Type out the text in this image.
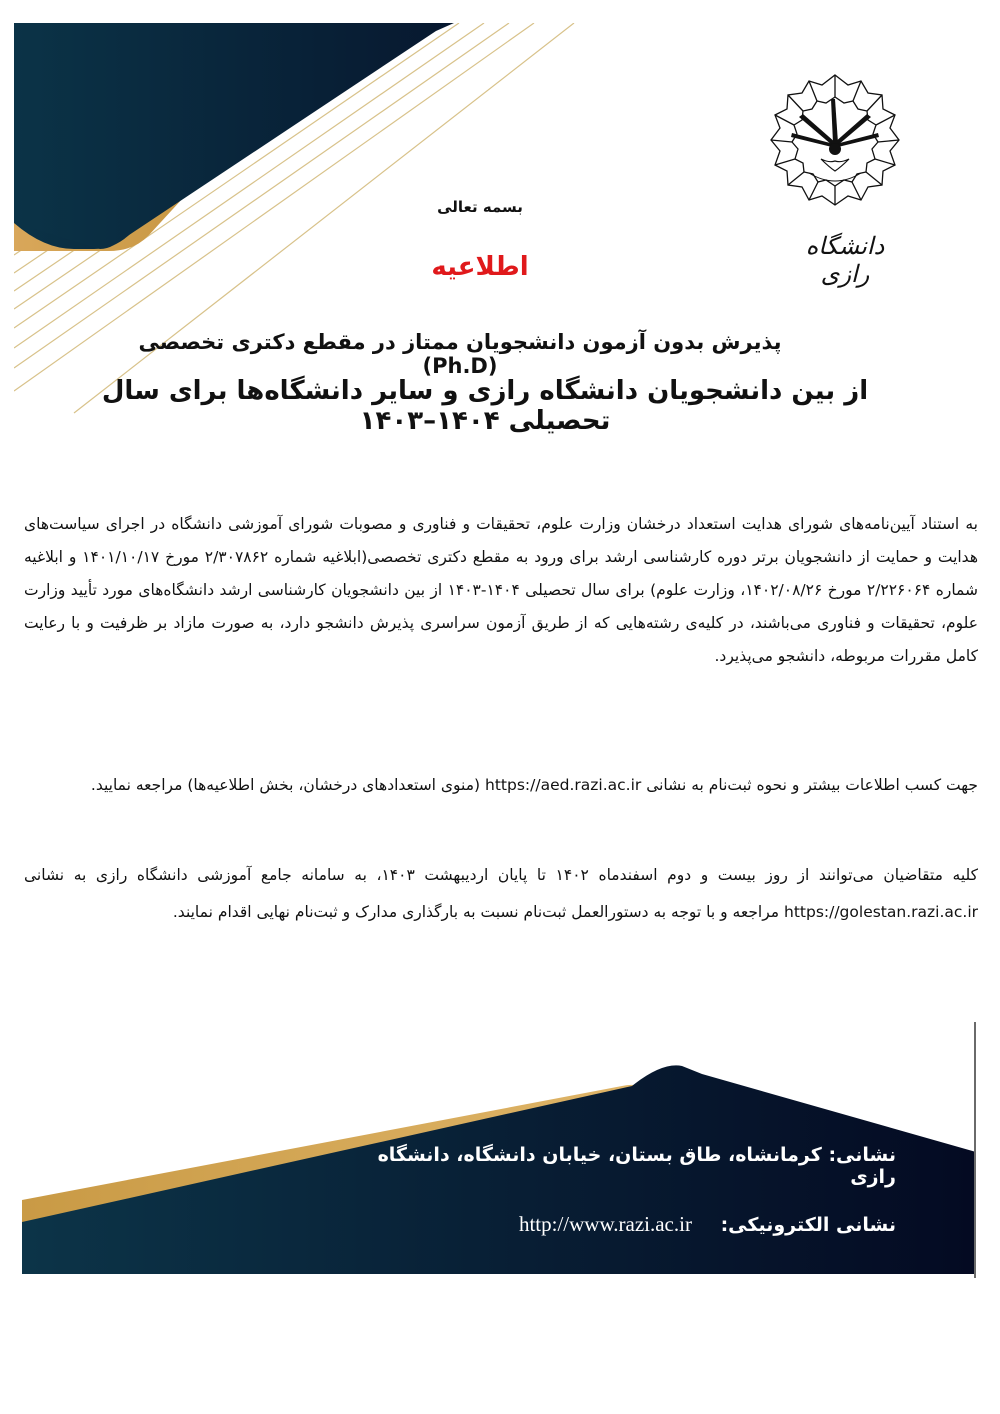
دانشگاه رازی
بسمه تعالی
اطلاعیه
پذیرش بدون آزمون دانشجویان ممتاز در مقطع دکتری تخصصی (Ph.D)
از بین دانشجویان دانشگاه رازی و سایر دانشگاه‌ها برای سال تحصیلی ۱۴۰۴–۱۴۰۳
به استناد آیین‌نامه‌های شورای هدایت استعداد درخشان وزارت علوم، تحقیقات و فناوری و مصوبات شورای آموزشی دانشگاه در اجرای سیاست‌های هدایت و حمایت از دانشجویان برتر دوره کارشناسی ارشد برای ورود به مقطع دکتری تخصصی(ابلاغیه شماره ۲/۳۰۷۸۶۲ مورخ ۱۴۰۱/۱۰/۱۷ و ابلاغیه شماره ۲/۲۲۶۰۶۴ مورخ ۱۴۰۲/۰۸/۲۶، وزارت علوم) برای سال تحصیلی ۱۴۰۴-۱۴۰۳ از بین دانشجویان کارشناسی ارشد دانشگاه‌های مورد تأیید وزارت علوم، تحقیقات و فناوری می‌باشند، در کلیه‌ی رشته‌هایی که از طریق آزمون سراسری پذیرش دانشجو دارد، به صورت مازاد بر ظرفیت و با رعایت کامل مقررات مربوطه، دانشجو می‌پذیرد.
جهت کسب اطلاعات بیشتر و نحوه ثبت‌نام به نشانی https://aed.razi.ac.ir (منوی استعدادهای درخشان، بخش اطلاعیه‌ها) مراجعه نمایید.
کلیه متقاضیان می‌توانند از روز بیست و دوم اسفندماه ۱۴۰۲ تا پایان اردیبهشت ۱۴۰۳، به سامانه جامع آموزشی دانشگاه رازی به نشانی https://golestan.razi.ac.ir مراجعه و با توجه به دستورالعمل ثبت‌نام نسبت به بارگذاری مدارک و ثبت‌نام نهایی اقدام نمایند.
نشانی: کرمانشاه، طاق بستان، خیابان دانشگاه، دانشگاه رازی
نشانی الکترونیکی: http://www.razi.ac.ir
